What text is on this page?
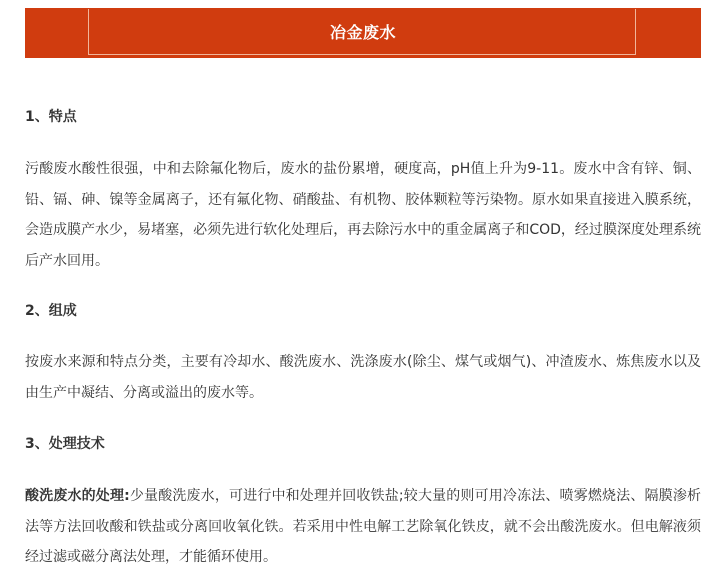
冶金废水

1、特点

污酸废水酸性很强，中和去除氟化物后，废水的盐份累增，硬度高，pH值上升为9-11。废水中含有锌、铜、铅、镉、砷、镍等金属离子，还有氟化物、硝酸盐、有机物、胶体颗粒等污染物。原水如果直接进入膜系统，会造成膜产水少，易堵塞，必须先进行软化处理后，再去除污水中的重金属离子和COD，经过膜深度处理系统后产水回用。

2、组成

按废水来源和特点分类，主要有冷却水、酸洗废水、洗涤废水(除尘、煤气或烟气)、冲渣废水、炼焦废水以及由生产中凝结、分离或溢出的废水等。

3、处理技术

酸洗废水的处理:少量酸洗废水，可进行中和处理并回收铁盐;较大量的则可用冷冻法、喷雾燃烧法、隔膜渗析法等方法回收酸和铁盐或分离回收氧化铁。若采用中性电解工艺除氧化铁皮，就不会出酸洗废水。但电解液须经过滤或磁分离法处理，才能循环使用。
